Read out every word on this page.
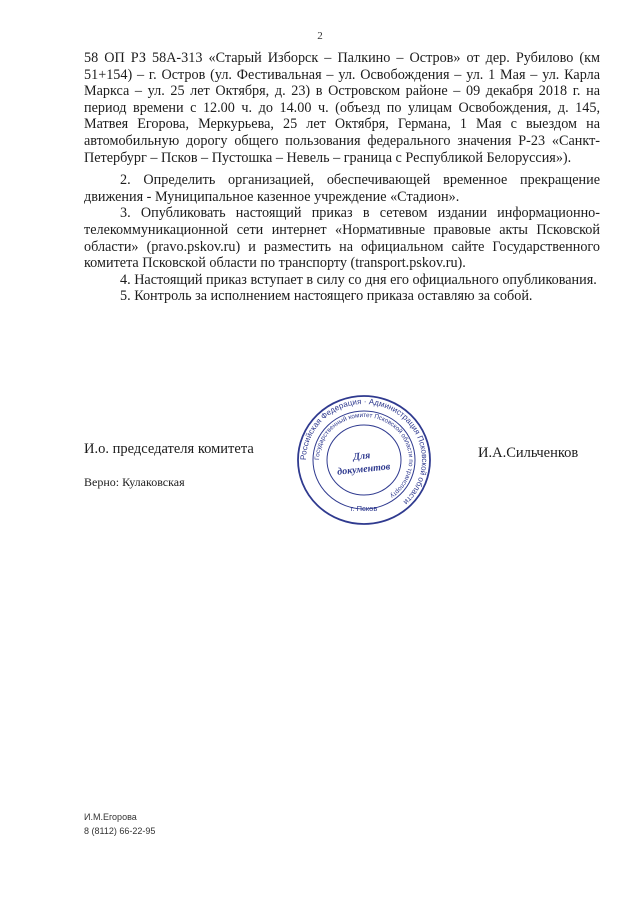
2

58 ОП РЗ 58А-313 «Старый Изборск – Палкино – Остров» от дер. Рубилово (км 51+154) – г. Остров (ул. Фестивальная – ул. Освобождения – ул. 1 Мая – ул. Карла Маркса – ул. 25 лет Октября, д. 23) в Островском районе – 09 декабря 2018 г. на период времени с 12.00 ч. до 14.00 ч. (объезд по улицам Освобождения, д. 145, Матвея Егорова, Меркурьева, 25 лет Октября, Германа, 1 Мая с выездом на автомобильную дорогу общего пользования федерального значения Р-23 «Санкт-Петербург – Псков – Пустошка – Невель – граница с Республикой Белоруссия»).

2. Определить организацией, обеспечивающей временное прекращение движения - Муниципальное казенное учреждение «Стадион».

3. Опубликовать настоящий приказ в сетевом издании информационно-телекоммуникационной сети интернет «Нормативные правовые акты Псковской области» (pravo.pskov.ru) и разместить на официальном сайте Государственного комитета Псковской области по транспорту (transport.pskov.ru).

4. Настоящий приказ вступает в силу со дня его официального опубликования.

5. Контроль за исполнением настоящего приказа оставляю за собой.

И.о. председателя комитета
Российская Федерация · Администрация Псковской области
Государственный комитет Псковской области по транспорту
Для
документов
г. Псков
И.А.Сильченков
Верно: Кулаковская
И.М.Егорова
8 (8112) 66-22-95
